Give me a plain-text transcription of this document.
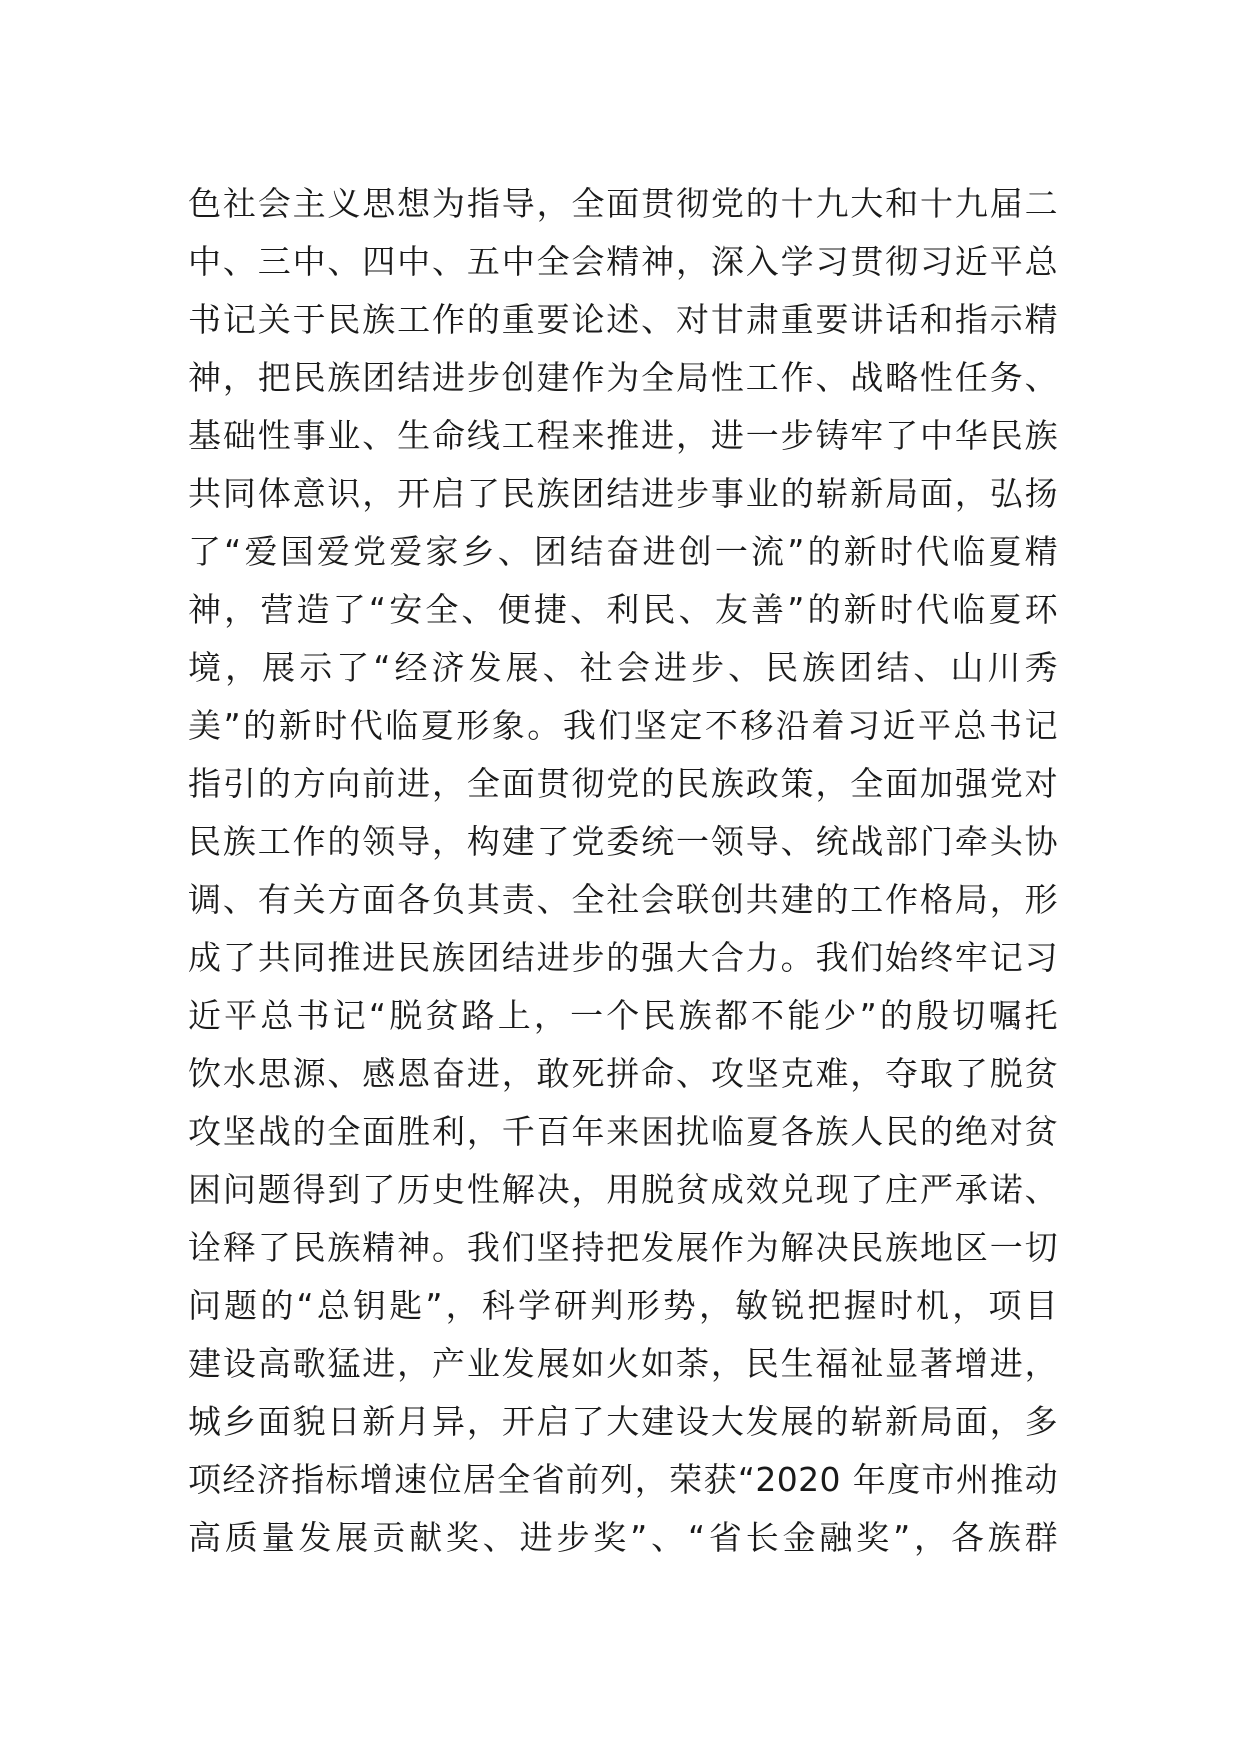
色社会主义思想为指导，全面贯彻党的十九大和十九届二
中、三中、四中、五中全会精神，深入学习贯彻习近平总
书记关于民族工作的重要论述、对甘肃重要讲话和指示精
神，把民族团结进步创建作为全局性工作、战略性任务、
基础性事业、生命线工程来推进，进一步铸牢了中华民族
共同体意识，开启了民族团结进步事业的崭新局面，弘扬
了“爱国爱党爱家乡、团结奋进创一流”的新时代临夏精
神，营造了“安全、便捷、利民、友善”的新时代临夏环
境，展示了“经济发展、社会进步、民族团结、山川秀
美”的新时代临夏形象。我们坚定不移沿着习近平总书记
指引的方向前进，全面贯彻党的民族政策，全面加强党对
民族工作的领导，构建了党委统一领导、统战部门牵头协
调、有关方面各负其责、全社会联创共建的工作格局，形
成了共同推进民族团结进步的强大合力。我们始终牢记习
近平总书记“脱贫路上，一个民族都不能少”的殷切嘱托
饮水思源、感恩奋进，敢死拼命、攻坚克难，夺取了脱贫
攻坚战的全面胜利，千百年来困扰临夏各族人民的绝对贫
困问题得到了历史性解决，用脱贫成效兑现了庄严承诺、
诠释了民族精神。我们坚持把发展作为解决民族地区一切
问题的“总钥匙”，科学研判形势，敏锐把握时机，项目
建设高歌猛进，产业发展如火如荼，民生福祉显著增进，
城乡面貌日新月异，开启了大建设大发展的崭新局面，多
项经济指标增速位居全省前列，荣获“2020 年度市州推动
高质量发展贡献奖、进步奖”、“省长金融奖”，各族群
